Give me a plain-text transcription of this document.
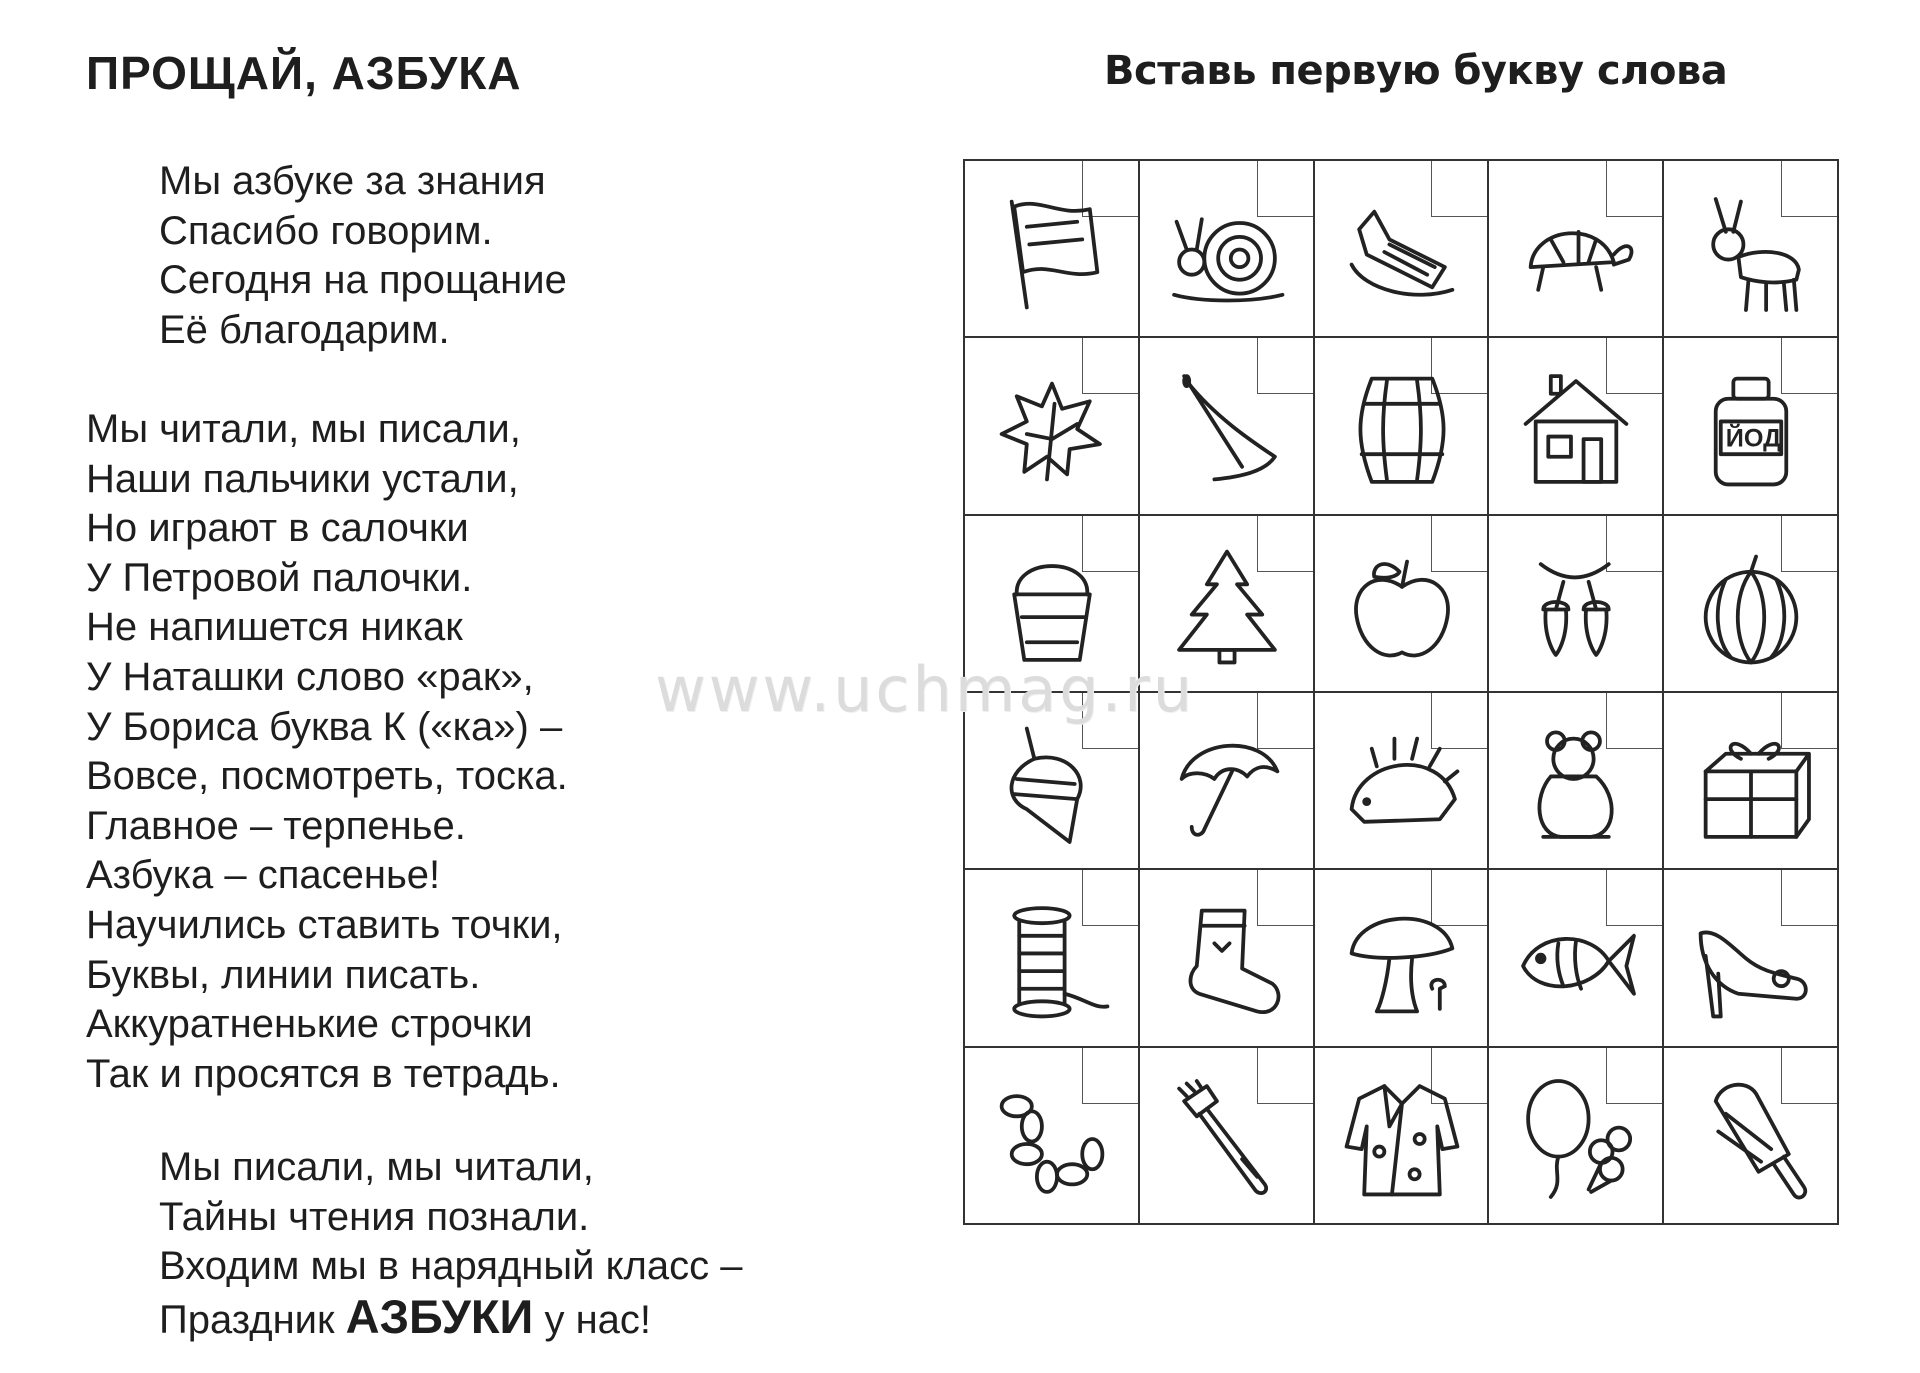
ПРОЩАЙ, АЗБУКА

Мы азбуке за знания
Спасибо говорим.
Сегодня на прощание
Её благодарим.

Мы читали, мы писали,
Наши пальчики устали,
Но играют в салочки
У Петровой палочки.
Не напишется никак
У Наташки слово «рак»,
У Бориса буква К («ка») –
Вовсе, посмотреть, тоска.
Главное – терпенье.
Азбука – спасенье!
Научились ставить точки,
Буквы, линии писать.
Аккуратненькие строчки
Так и просятся в тетрадь.

Мы писали, мы читали,
Тайны чтения познали.
Входим мы в нарядный класс –
Праздник АЗБУКИ у нас!

Вставь первую букву слова
ЙОД
www.uchmag.ru
